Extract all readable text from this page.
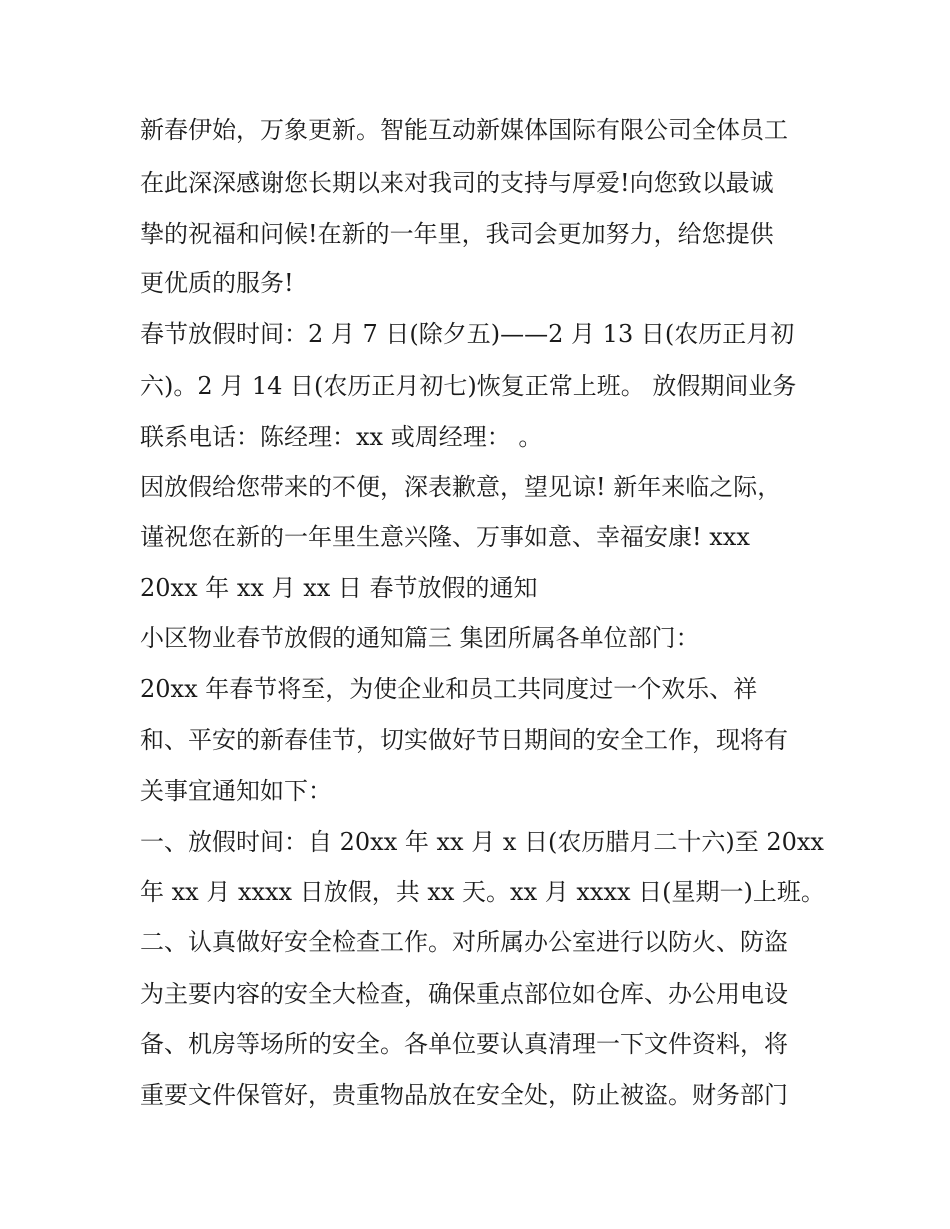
新春伊始，万象更新。智能互动新媒体国际有限公司全体员工

在此深深感谢您长期以来对我司的支持与厚爱!向您致以最诚

挚的祝福和问候!在新的一年里，我司会更加努力，给您提供

更优质的服务!

春节放假时间：2 月 7 日(除夕五)——2 月 13 日(农历正月初

六)。2 月 14 日(农历正月初七)恢复正常上班。 放假期间业务

联系电话：陈经理：xx 或周经理： 。

因放假给您带来的不便，深表歉意，望见谅! 新年来临之际，

谨祝您在新的一年里生意兴隆、万事如意、幸福安康! xxx

20xx 年 xx 月 xx 日 春节放假的通知

小区物业春节放假的通知篇三 集团所属各单位部门：

20xx 年春节将至，为使企业和员工共同度过一个欢乐、祥

和、平安的新春佳节，切实做好节日期间的安全工作，现将有

关事宜通知如下：

一、放假时间：自 20xx 年 xx 月 x 日(农历腊月二十六)至 20xx

年 xx 月 xxxx 日放假，共 xx 天。xx 月 xxxx 日(星期一)上班。

二、认真做好安全检查工作。对所属办公室进行以防火、防盗

为主要内容的安全大检查，确保重点部位如仓库、办公用电设

备、机房等场所的安全。各单位要认真清理一下文件资料，将

重要文件保管好，贵重物品放在安全处，防止被盗。财务部门
